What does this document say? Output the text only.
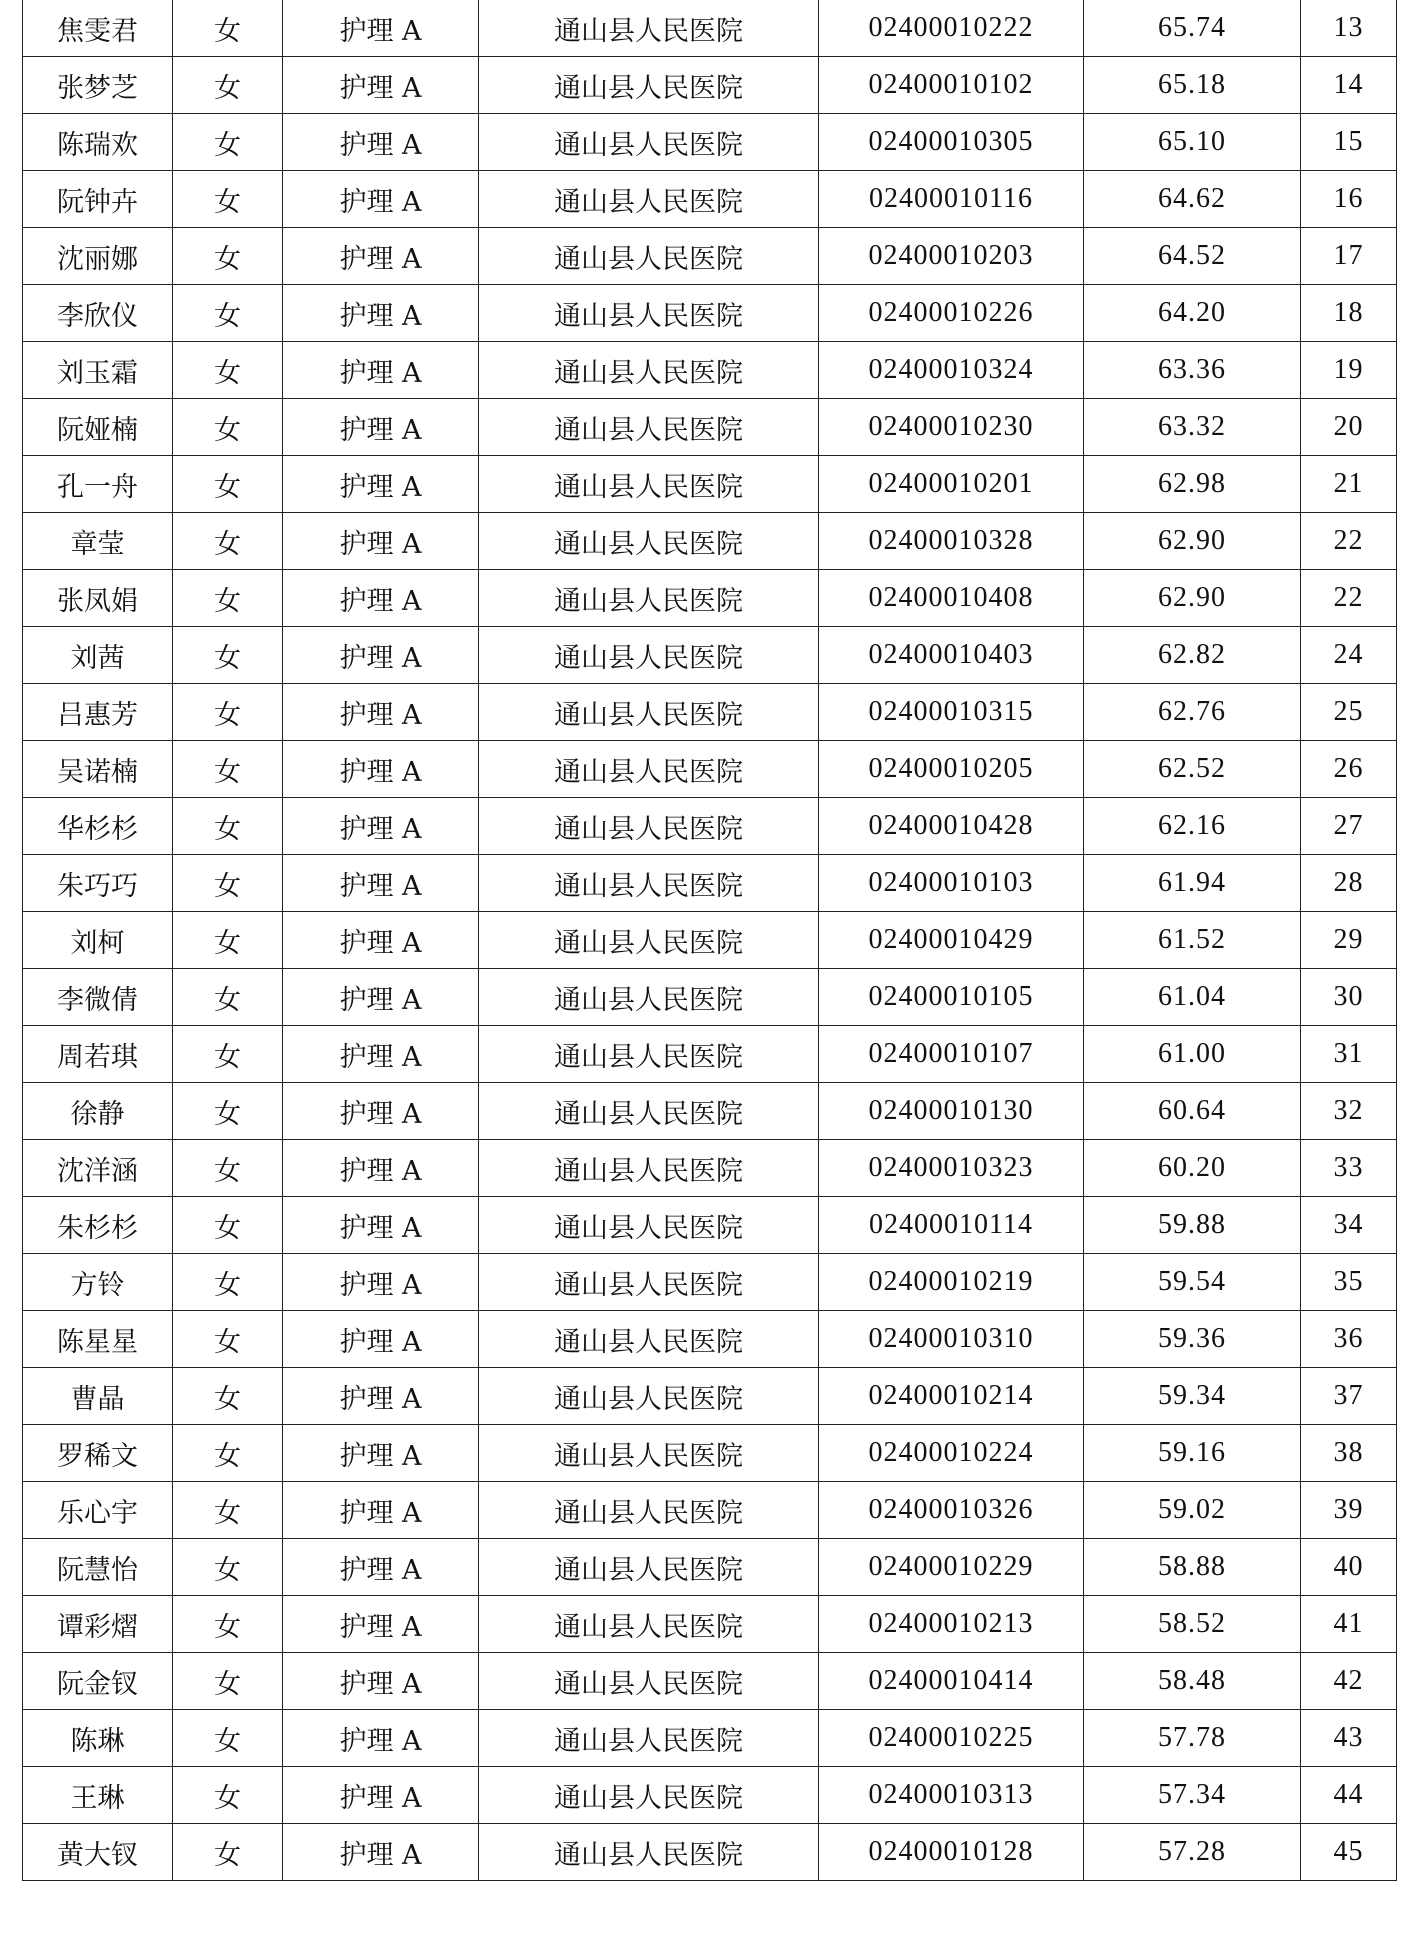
焦雯君	女	护理 A	通山县人民医院	02400010222	65.74	13
张梦芝	女	护理 A	通山县人民医院	02400010102	65.18	14
陈瑞欢	女	护理 A	通山县人民医院	02400010305	65.10	15
阮钟卉	女	护理 A	通山县人民医院	02400010116	64.62	16
沈丽娜	女	护理 A	通山县人民医院	02400010203	64.52	17
李欣仪	女	护理 A	通山县人民医院	02400010226	64.20	18
刘玉霜	女	护理 A	通山县人民医院	02400010324	63.36	19
阮娅楠	女	护理 A	通山县人民医院	02400010230	63.32	20
孔一舟	女	护理 A	通山县人民医院	02400010201	62.98	21
章莹	女	护理 A	通山县人民医院	02400010328	62.90	22
张凤娟	女	护理 A	通山县人民医院	02400010408	62.90	22
刘茜	女	护理 A	通山县人民医院	02400010403	62.82	24
吕惠芳	女	护理 A	通山县人民医院	02400010315	62.76	25
吴诺楠	女	护理 A	通山县人民医院	02400010205	62.52	26
华杉杉	女	护理 A	通山县人民医院	02400010428	62.16	27
朱巧巧	女	护理 A	通山县人民医院	02400010103	61.94	28
刘柯	女	护理 A	通山县人民医院	02400010429	61.52	29
李微倩	女	护理 A	通山县人民医院	02400010105	61.04	30
周若琪	女	护理 A	通山县人民医院	02400010107	61.00	31
徐静	女	护理 A	通山县人民医院	02400010130	60.64	32
沈洋涵	女	护理 A	通山县人民医院	02400010323	60.20	33
朱杉杉	女	护理 A	通山县人民医院	02400010114	59.88	34
方铃	女	护理 A	通山县人民医院	02400010219	59.54	35
陈星星	女	护理 A	通山县人民医院	02400010310	59.36	36
曹晶	女	护理 A	通山县人民医院	02400010214	59.34	37
罗稀文	女	护理 A	通山县人民医院	02400010224	59.16	38
乐心宇	女	护理 A	通山县人民医院	02400010326	59.02	39
阮慧怡	女	护理 A	通山县人民医院	02400010229	58.88	40
谭彩熠	女	护理 A	通山县人民医院	02400010213	58.52	41
阮金钗	女	护理 A	通山县人民医院	02400010414	58.48	42
陈琳	女	护理 A	通山县人民医院	02400010225	57.78	43
王琳	女	护理 A	通山县人民医院	02400010313	57.34	44
黄大钗	女	护理 A	通山县人民医院	02400010128	57.28	45
